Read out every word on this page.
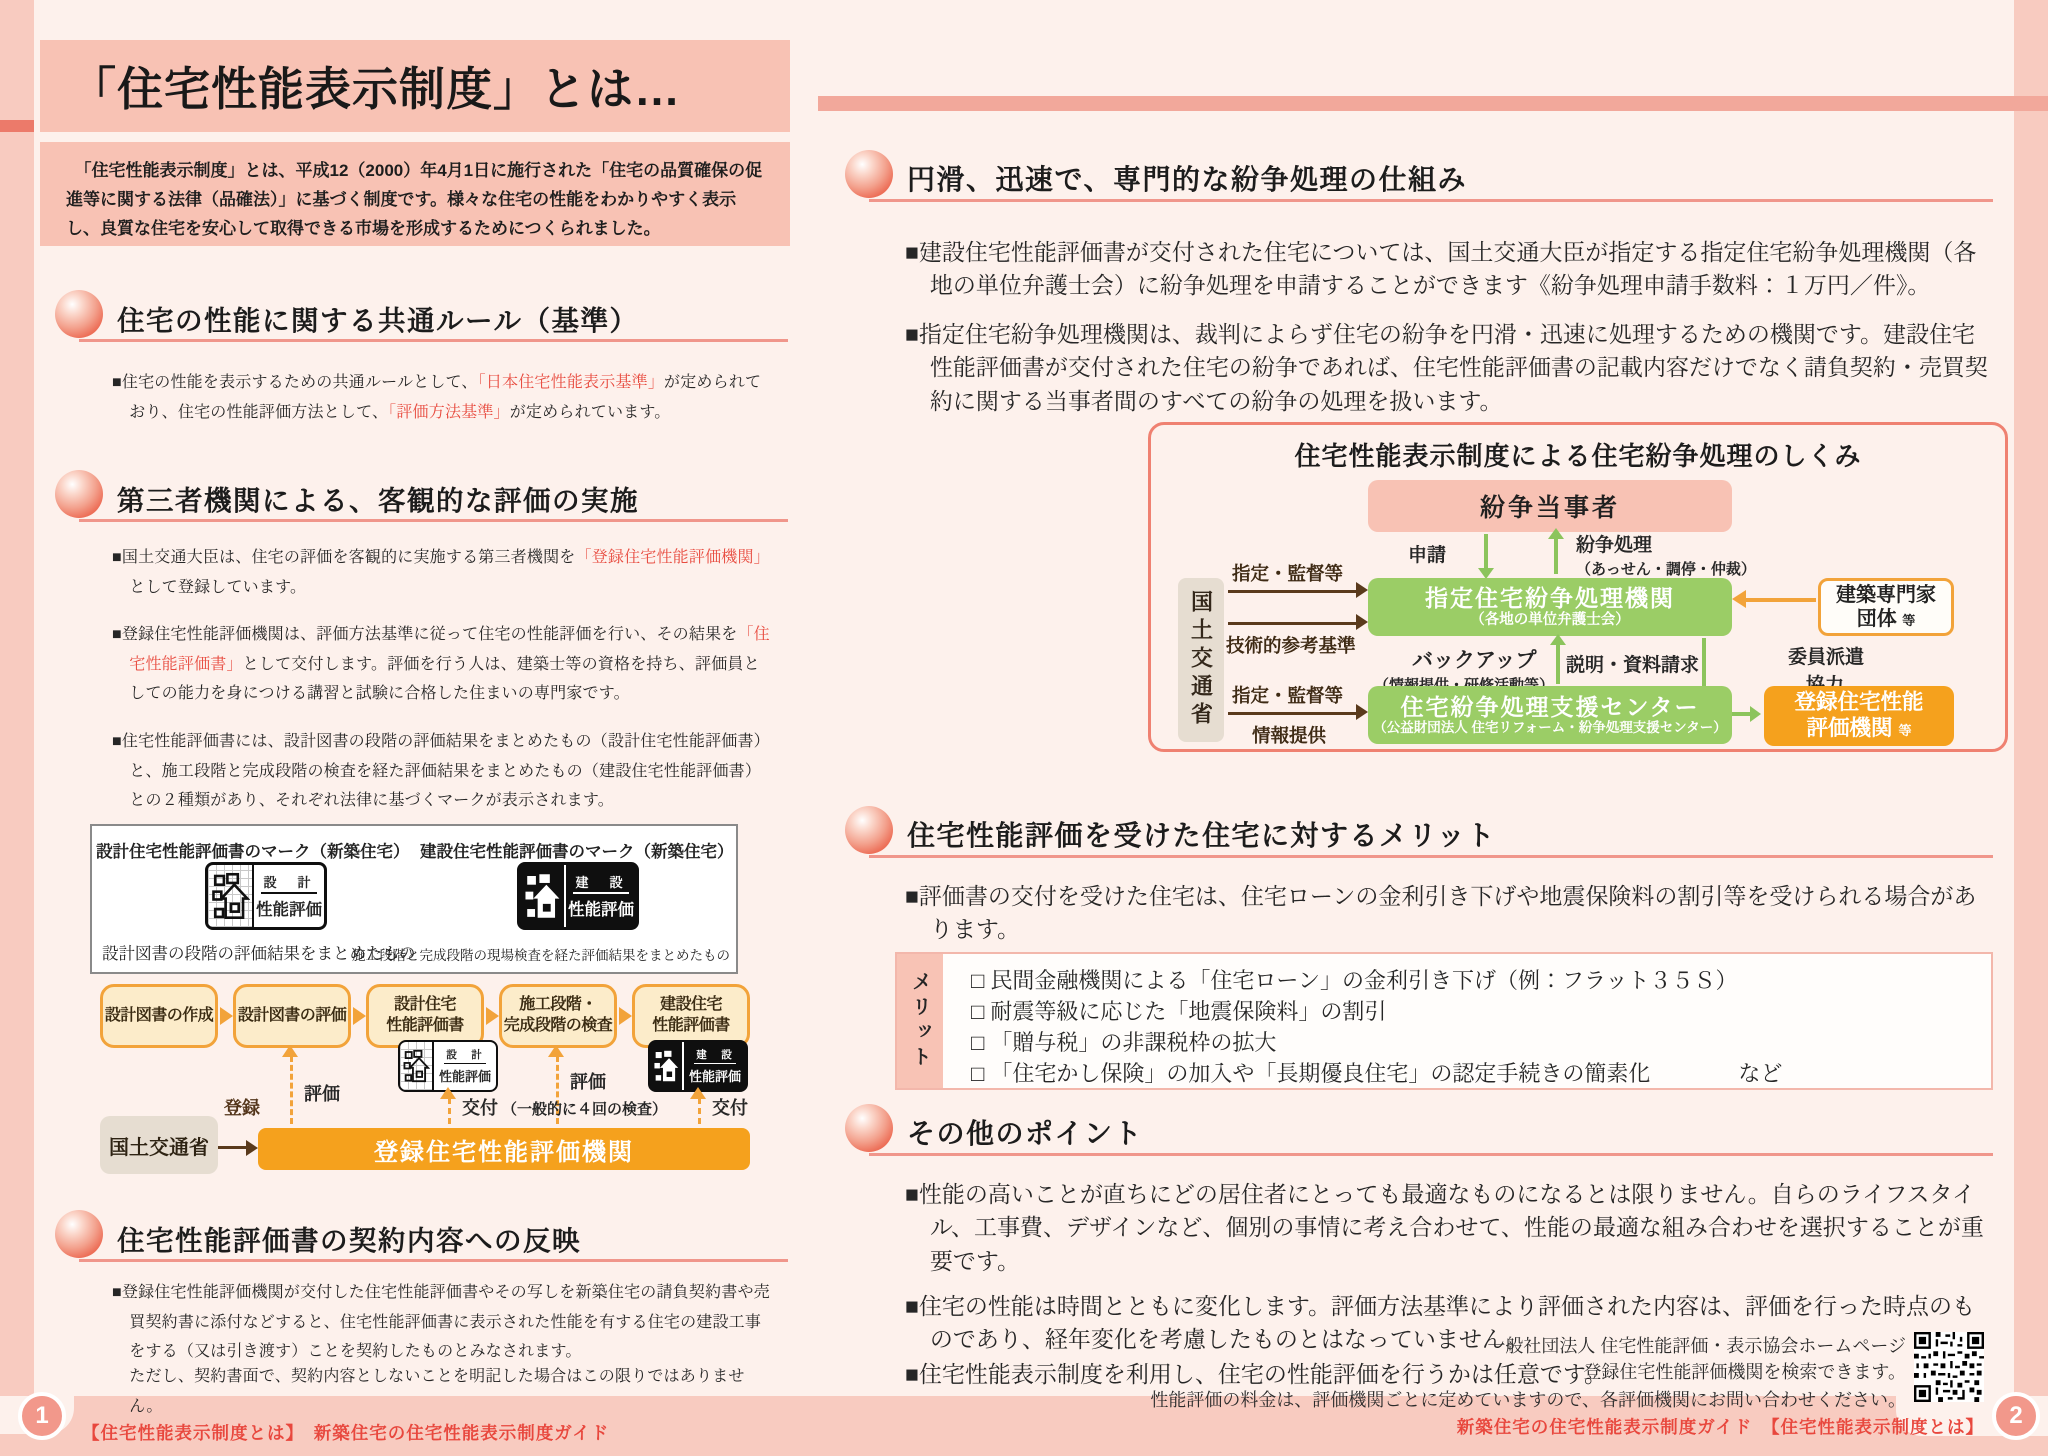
「住宅性能表示制度」とは…
　「住宅性能表示制度」とは、平成12（2000）年4月1日に施行された「住宅の品質確保の促進等に関する法律（品確法）」に基づく制度です。様々な住宅の性能をわかりやすく表示し、良質な住宅を安心して取得できる市場を形成するためにつくられました。
住宅の性能に関する共通ルール（基準）
■住宅の性能を表示するための共通ルールとして、「日本住宅性能表示基準」が定められており、住宅の性能評価方法として、「評価方法基準」が定められています。
第三者機関による、客観的な評価の実施
■国土交通大臣は、住宅の評価を客観的に実施する第三者機関を「登録住宅性能評価機関」として登録しています。
■登録住宅性能評価機関は、評価方法基準に従って住宅の性能評価を行い、その結果を「住宅性能評価書」として交付します。評価を行う人は、建築士等の資格を持ち、評価員としての能力を身につける講習と試験に合格した住まいの専門家です。
■住宅性能評価書には、設計図書の段階の評価結果をまとめたもの（設計住宅性能評価書）と、施工段階と完成段階の検査を経た評価結果をまとめたもの（建設住宅性能評価書）との２種類があり、それぞれ法律に基づくマークが表示されます。
設計住宅性能評価書のマーク（新築住宅）
設　計
性能評価
設計図書の段階の評価結果をまとめたもの
建設住宅性能評価書のマーク（新築住宅）
建　設
性能評価
施工段階と完成段階の現場検査を経た評価結果をまとめたもの
設計図書の作成 設計図書の評価
設計住宅
性能評価書
施工段階・
完成段階の検査
建設住宅
性能評価書
設　計
性能評価
建　設
性能評価
評価
交付
評価
（一般的に４回の検査） 交付
国土交通省
登録
登録住宅性能評価機関
住宅性能評価書の契約内容への反映
■登録住宅性能評価機関が交付した住宅性能評価書やその写しを新築住宅の請負契約書や売買契約書に添付などすると、住宅性能評価書に表示された性能を有する住宅の建設工事をする（又は引き渡す）ことを契約したものとみなされます。
ただし、契約書面で、契約内容としないことを明記した場合はこの限りではありません。
円滑、迅速で、専門的な紛争処理の仕組み
■建設住宅性能評価書が交付された住宅については、国土交通大臣が指定する指定住宅紛争処理機関（各地の単位弁護士会）に紛争処理を申請することができます《紛争処理申請手数料：１万円／件》。
■指定住宅紛争処理機関は、裁判によらず住宅の紛争を円滑・迅速に処理するための機関です。建設住宅性能評価書が交付された住宅の紛争であれば、住宅性能評価書の記載内容だけでなく請負契約・売買契約に関する当事者間のすべての紛争の処理を扱います。
住宅性能表示制度による住宅紛争処理のしくみ
紛争当事者
申請	紛争処理
（あっせん・調停・仲裁）
国土交通省
指定・監督等
技術的参考基準
指定・監督等
情報提供
指定住宅紛争処理機関
（各地の単位弁護士会）
建築専門家
団体 等
委員派遣
バックアップ 説明・資料請求
住宅紛争処理支援センター
（公益財団法人 住宅リフォーム・紛争処理支援センター）
登録住宅性能
評価機関 等
住宅性能評価を受けた住宅に対するメリット
■評価書の交付を受けた住宅は、住宅ローンの金利引き下げや地震保険料の割引等を受けられる場合があります。
メリット	□ 民間金融機関による「住宅ローン」の金利引き下げ（例：フラット３５Ｓ）
□ 耐震等級に応じた「地震保険料」の割引
□ 「贈与税」の非課税枠の拡大
□ 「住宅かし保険」の加入や「長期優良住宅」の認定手続きの簡素化　　　　など
その他のポイント
■性能の高いことが直ちにどの居住者にとっても最適なものになるとは限りません。自らのライフスタイル、工事費、デザインなど、個別の事情に考え合わせて、性能の最適な組み合わせを選択することが重要です。
■住宅の性能は時間とともに変化します。評価方法基準により評価された内容は、評価を行った時点のものであり、経年変化を考慮したものとはなっていません。
■住宅性能表示制度を利用し、住宅の性能評価を行うかは任意です。
一般社団法人 住宅性能評価・表示協会ホームページ
登録住宅性能評価機関を検索できます。
性能評価の料金は、評価機関ごとに定めていますので、各評価機関にお問い合わせください。
1
【住宅性能表示制度とは】　新築住宅の住宅性能表示制度ガイド	新築住宅の住宅性能表示制度ガイド　【住宅性能表示制度とは】	2
